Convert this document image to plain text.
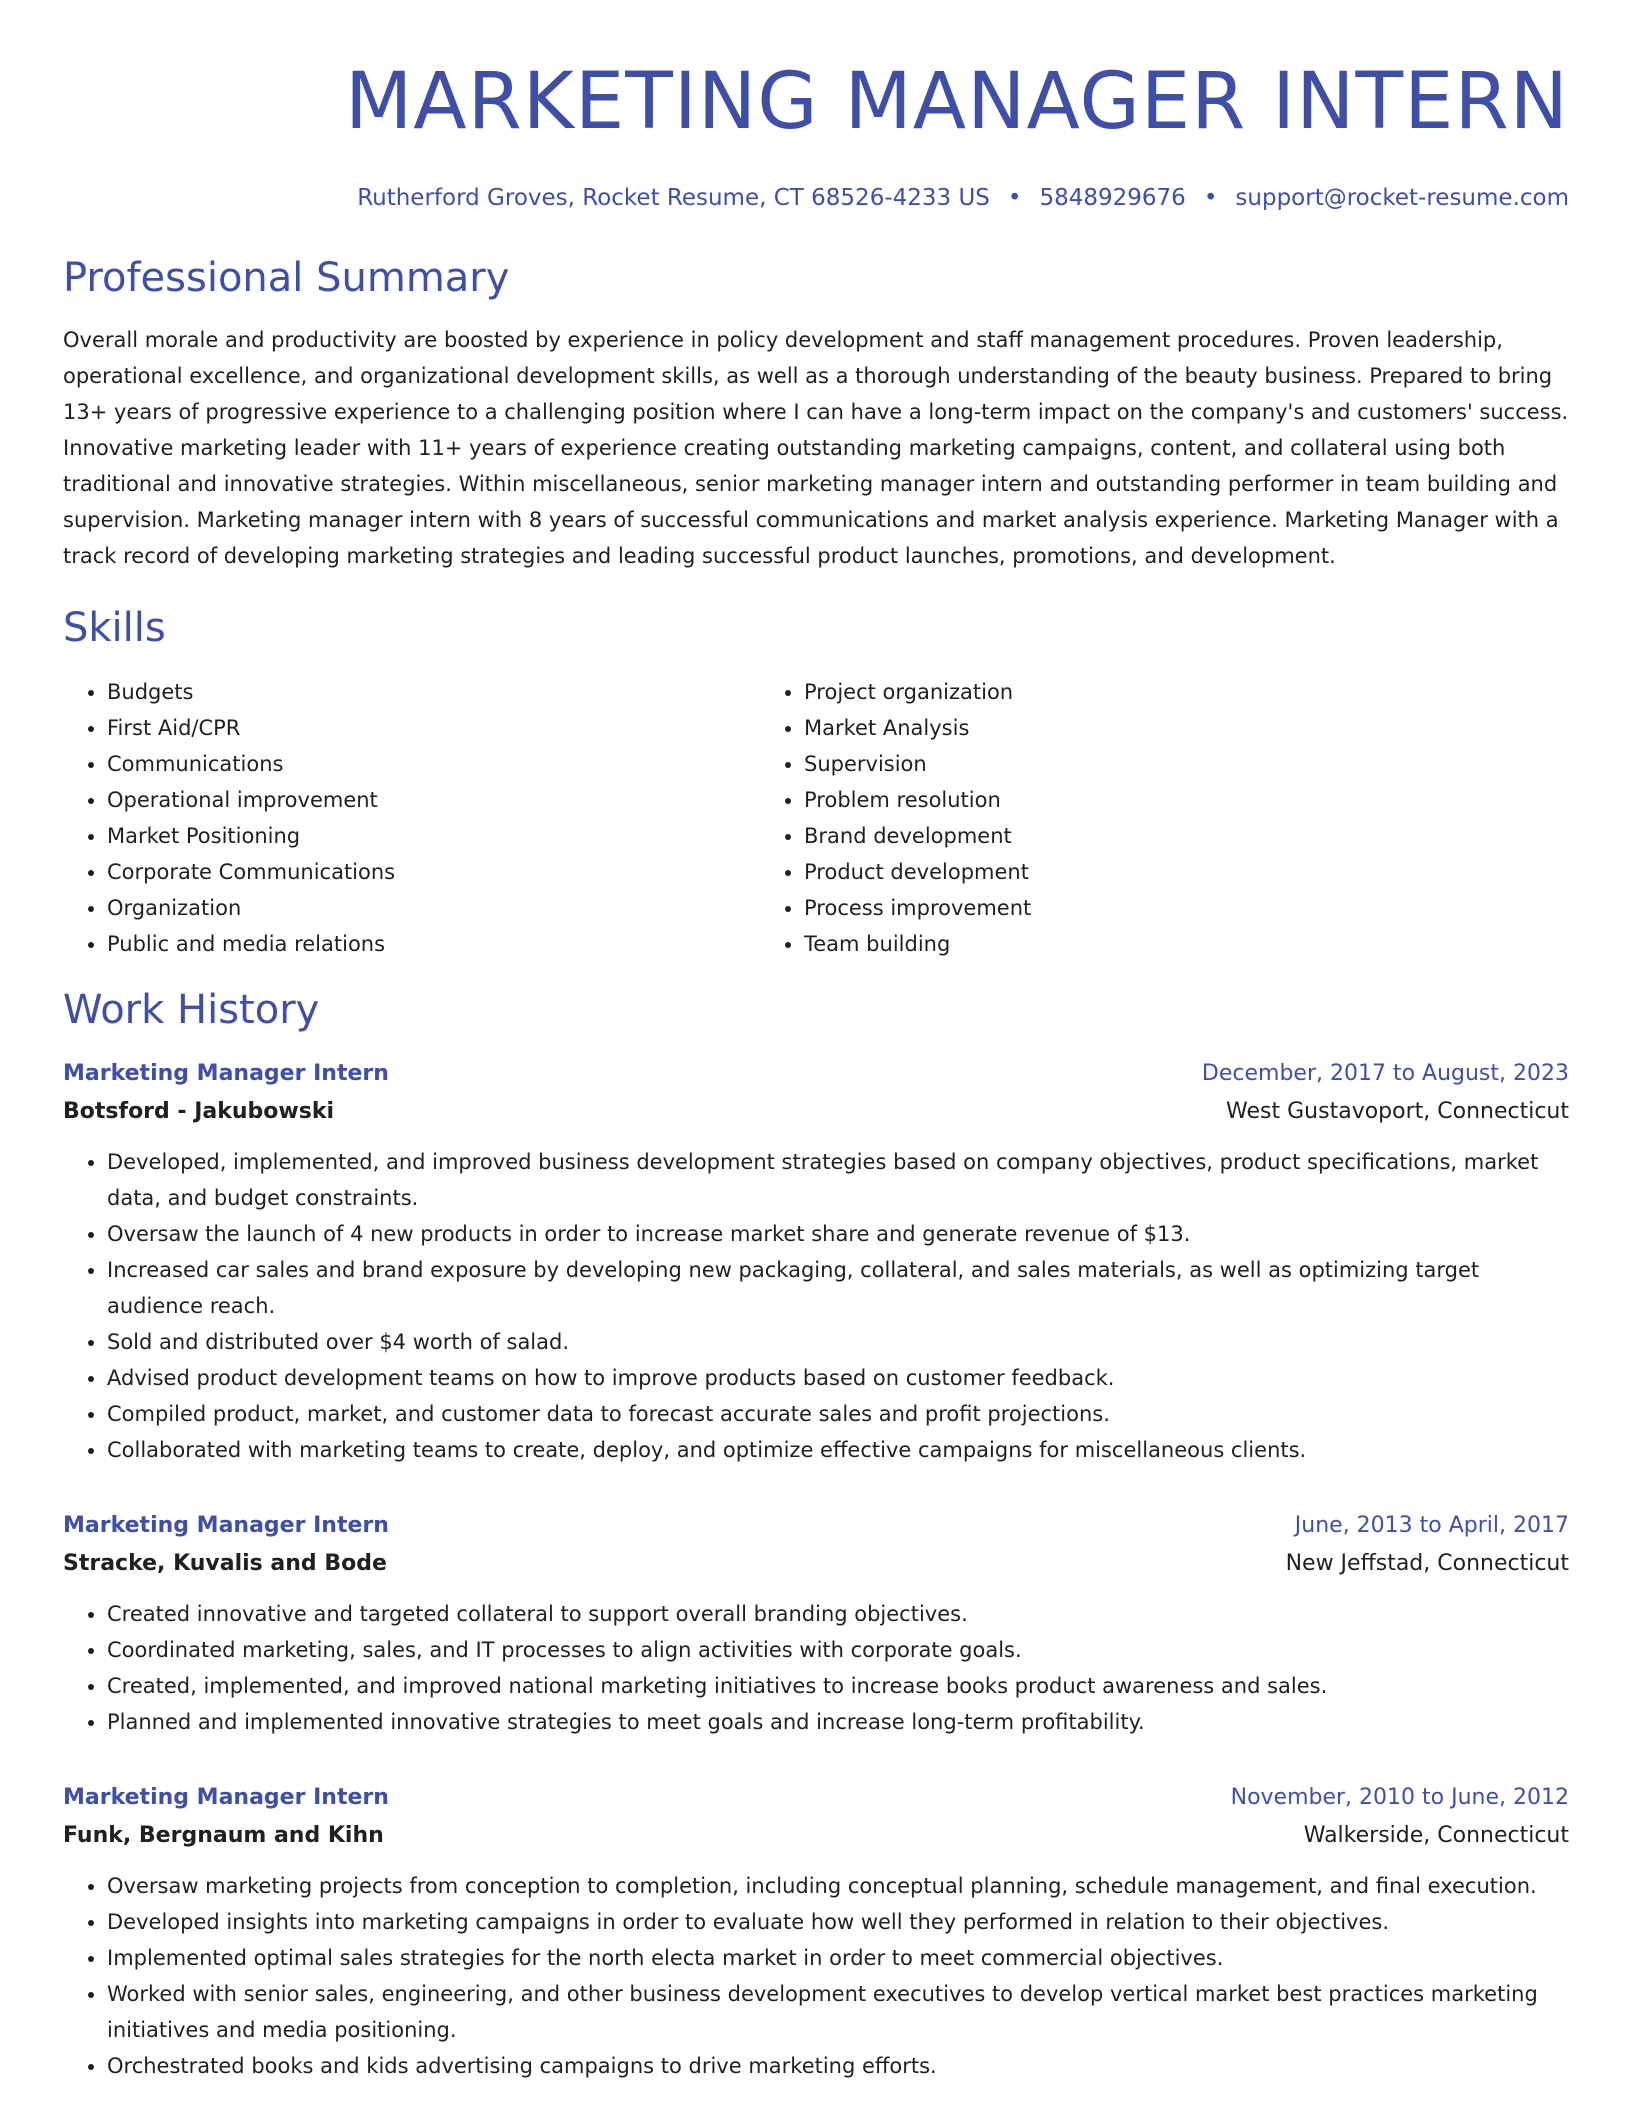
MARKETING MANAGER INTERN
Rutherford Groves, Rocket Resume, CT 68526-4233 US • 5848929676 • support@rocket-resume.com
Professional Summary
Overall morale and productivity are boosted by experience in policy development and staff management procedures. Proven leadership, operational excellence, and organizational development skills, as well as a thorough understanding of the beauty business. Prepared to bring 13+ years of progressive experience to a challenging position where I can have a long-term impact on the company's and customers' success. Innovative marketing leader with 11+ years of experience creating outstanding marketing campaigns, content, and collateral using both traditional and innovative strategies. Within miscellaneous, senior marketing manager intern and outstanding performer in team building and supervision. Marketing manager intern with 8 years of successful communications and market analysis experience. Marketing Manager with a track record of developing marketing strategies and leading successful product launches, promotions, and development.
Skills
• Budgets
• First Aid/CPR
• Communications
• Operational improvement
• Market Positioning
• Corporate Communications
• Organization
• Public and media relations
• Project organization
• Market Analysis
• Supervision
• Problem resolution
• Brand development
• Product development
• Process improvement
• Team building
Work History
Marketing Manager Intern	December, 2017 to August, 2023
Botsford - Jakubowski	West Gustavoport, Connecticut
• Developed, implemented, and improved business development strategies based on company objectives, product specifications, market data, and budget constraints.
• Oversaw the launch of 4 new products in order to increase market share and generate revenue of $13.
• Increased car sales and brand exposure by developing new packaging, collateral, and sales materials, as well as optimizing target audience reach.
• Sold and distributed over $4 worth of salad.
• Advised product development teams on how to improve products based on customer feedback.
• Compiled product, market, and customer data to forecast accurate sales and profit projections.
• Collaborated with marketing teams to create, deploy, and optimize effective campaigns for miscellaneous clients.
Marketing Manager Intern	June, 2013 to April, 2017
Stracke, Kuvalis and Bode	New Jeffstad, Connecticut
• Created innovative and targeted collateral to support overall branding objectives.
• Coordinated marketing, sales, and IT processes to align activities with corporate goals.
• Created, implemented, and improved national marketing initiatives to increase books product awareness and sales.
• Planned and implemented innovative strategies to meet goals and increase long-term profitability.
Marketing Manager Intern	November, 2010 to June, 2012
Funk, Bergnaum and Kihn	Walkerside, Connecticut
• Oversaw marketing projects from conception to completion, including conceptual planning, schedule management, and final execution.
• Developed insights into marketing campaigns in order to evaluate how well they performed in relation to their objectives.
• Implemented optimal sales strategies for the north electa market in order to meet commercial objectives.
• Worked with senior sales, engineering, and other business development executives to develop vertical market best practices marketing initiatives and media positioning.
• Orchestrated books and kids advertising campaigns to drive marketing efforts.
